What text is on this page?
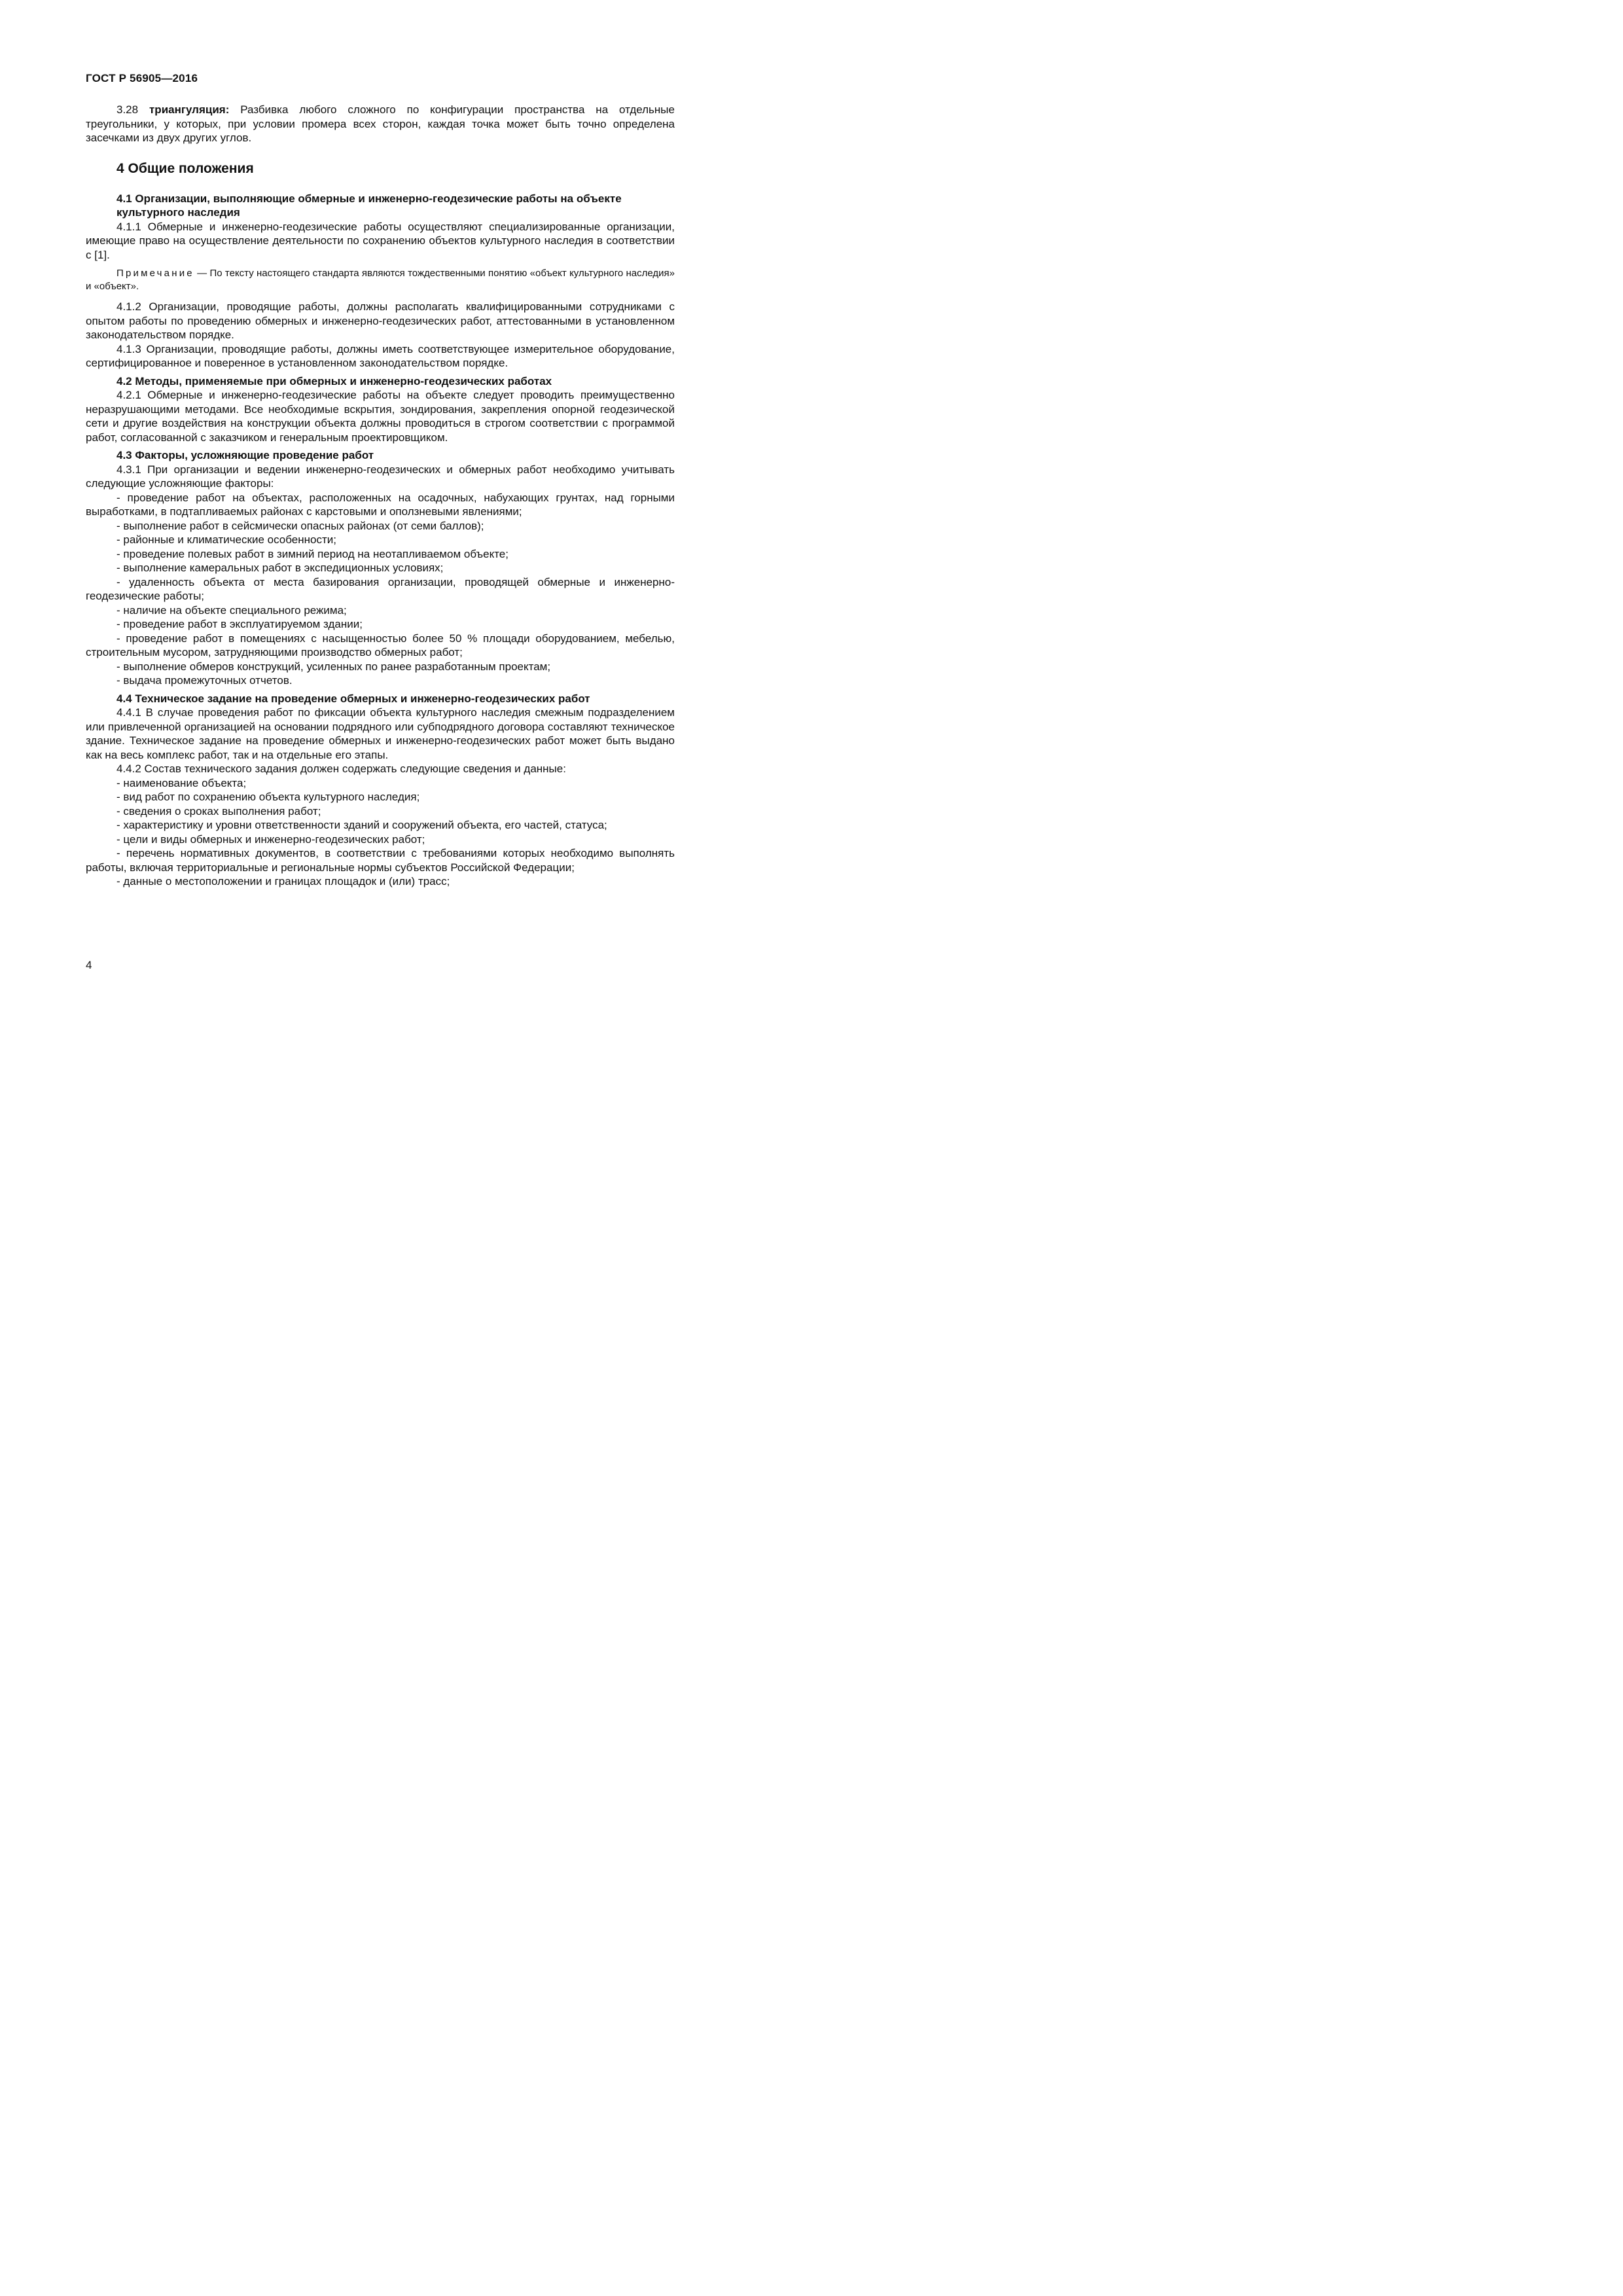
ГОСТ Р 56905—2016

3.28 триангуляция: Разбивка любого сложного по конфигурации пространства на отдельные треугольники, у которых, при условии промера всех сторон, каждая точка может быть точно определена засечками из двух других углов.

4 Общие положения
4.1 Организации, выполняющие обмерные и инженерно-геодезические работы на объекте культурного наследия

4.1.1 Обмерные и инженерно-геодезические работы осуществляют специализированные организации, имеющие право на осуществление деятельности по сохранению объектов культурного наследия в соответствии с [1].

Примечание — По тексту настоящего стандарта являются тождественными понятию «объект культурного наследия» и «объект».

4.1.2 Организации, проводящие работы, должны располагать квалифицированными сотрудниками с опытом работы по проведению обмерных и инженерно-геодезических работ, аттестованными в установленном законодательством порядке.

4.1.3 Организации, проводящие работы, должны иметь соответствующее измерительное оборудование, сертифицированное и поверенное в установленном законодательством порядке.

4.2 Методы, применяемые при обмерных и инженерно-геодезических работах

4.2.1 Обмерные и инженерно-геодезические работы на объекте следует проводить преимущественно неразрушающими методами. Все необходимые вскрытия, зондирования, закрепления опорной геодезической сети и другие воздействия на конструкции объекта должны проводиться в строгом соответствии с программой работ, согласованной с заказчиком и генеральным проектировщиком.

4.3 Факторы, усложняющие проведение работ

4.3.1 При организации и ведении инженерно-геодезических и обмерных работ необходимо учитывать следующие усложняющие факторы:

- проведение работ на объектах, расположенных на осадочных, набухающих грунтах, над горными выработками, в подтапливаемых районах с карстовыми и оползневыми явлениями;

- выполнение работ в сейсмически опасных районах (от семи баллов);

- районные и климатические особенности;

- проведение полевых работ в зимний период на неотапливаемом объекте;

- выполнение камеральных работ в экспедиционных условиях;

- удаленность объекта от места базирования организации, проводящей обмерные и инженерно-геодезические работы;

- наличие на объекте специального режима;

- проведение работ в эксплуатируемом здании;

- проведение работ в помещениях с насыщенностью более 50 % площади оборудованием, мебелью, строительным мусором, затрудняющими производство обмерных работ;

- выполнение обмеров конструкций, усиленных по ранее разработанным проектам;

- выдача промежуточных отчетов.

4.4 Техническое задание на проведение обмерных и инженерно-геодезических работ

4.4.1 В случае проведения работ по фиксации объекта культурного наследия смежным подразделением или привлеченной организацией на основании подрядного или субподрядного договора составляют техническое здание. Техническое задание на проведение обмерных и инженерно-геодезических работ может быть выдано как на весь комплекс работ, так и на отдельные его этапы.

4.4.2 Состав технического задания должен содержать следующие сведения и данные:

- наименование объекта;

- вид работ по сохранению объекта культурного наследия;

- сведения о сроках выполнения работ;

- характеристику и уровни ответственности зданий и сооружений объекта, его частей, статуса;

- цели и виды обмерных и инженерно-геодезических работ;

- перечень нормативных документов, в соответствии с требованиями которых необходимо выполнять работы, включая территориальные и региональные нормы субъектов Российской Федерации;

- данные о местоположении и границах площадок и (или) трасс;

4
